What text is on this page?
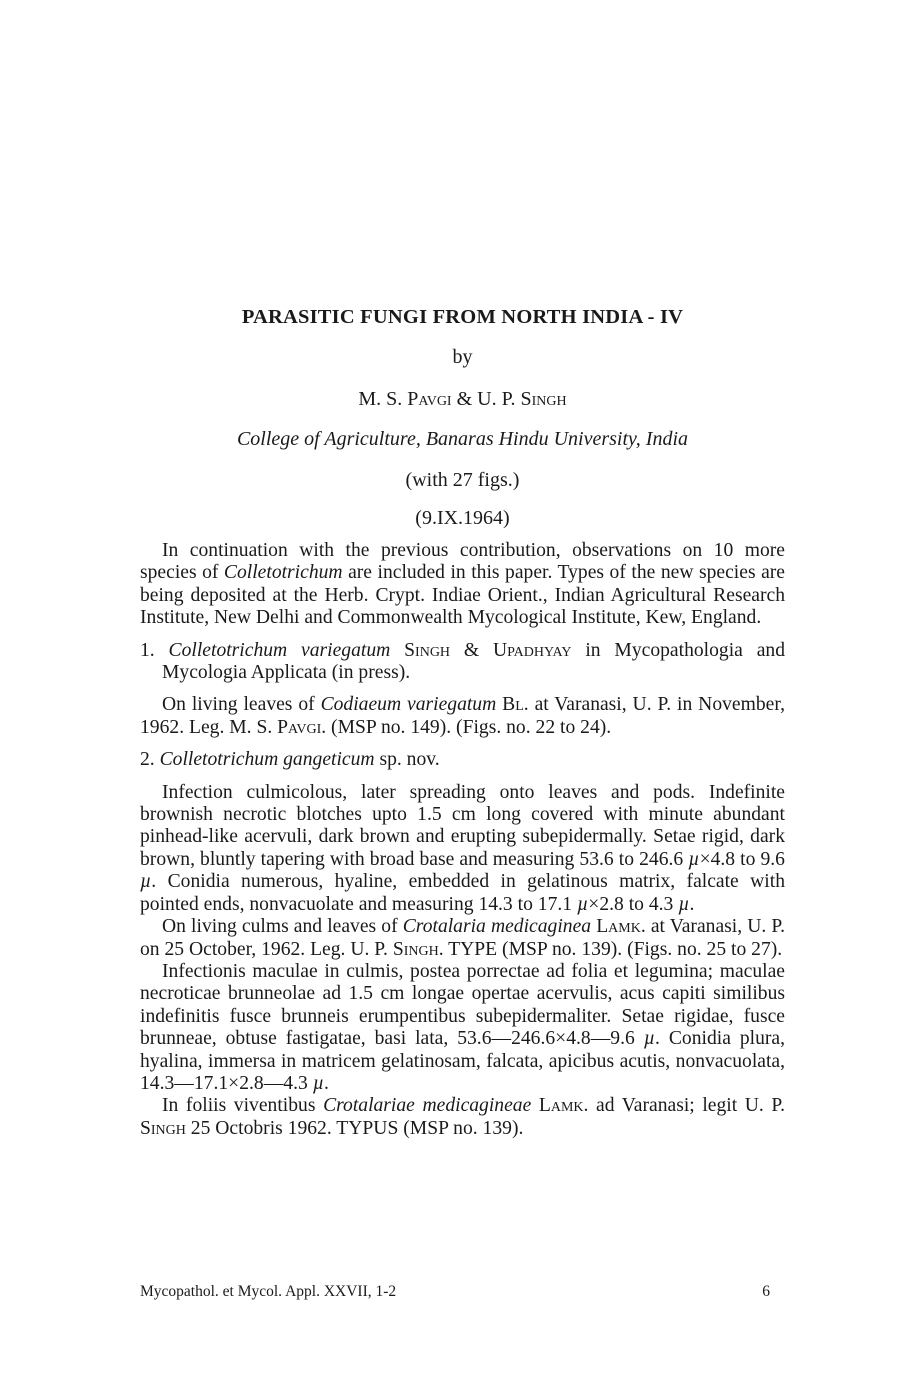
PARASITIC FUNGI FROM NORTH INDIA - IV
by
M. S. Pavgi & U. P. Singh
College of Agriculture, Banaras Hindu University, India
(with 27 figs.)
(9.IX.1964)

In continuation with the previous contribution, observations on 10 more species of Colletotrichum are included in this paper. Types of the new species are being deposited at the Herb. Crypt. Indiae Orient., Indian Agricultural Research Institute, New Delhi and Commonwealth Mycological Institute, Kew, England.

1. Colletotrichum variegatum Singh & Upadhyay in Mycopathologia and Mycologia Applicata (in press).

On living leaves of Codiaeum variegatum Bl. at Varanasi, U. P. in November, 1962. Leg. M. S. Pavgi. (MSP no. 149). (Figs. no. 22 to 24).

2. Colletotrichum gangeticum sp. nov.

Infection culmicolous, later spreading onto leaves and pods. Indefinite brownish necrotic blotches upto 1.5 cm long covered with minute abundant pinhead-like acervuli, dark brown and erupting subepidermally. Setae rigid, dark brown, bluntly tapering with broad base and measuring 53.6 to 246.6 µ×4.8 to 9.6 µ. Conidia numerous, hyaline, embedded in gelatinous matrix, falcate with pointed ends, nonvacuolate and measuring 14.3 to 17.1 µ×2.8 to 4.3 µ.

On living culms and leaves of Crotalaria medicaginea Lamk. at Varanasi, U. P. on 25 October, 1962. Leg. U. P. Singh. TYPE (MSP no. 139). (Figs. no. 25 to 27).

Infectionis maculae in culmis, postea porrectae ad folia et legumina; maculae necroticae brunneolae ad 1.5 cm longae opertae acervulis, acus capiti similibus indefinitis fusce brunneis erumpentibus subepidermaliter. Setae rigidae, fusce brunneae, obtuse fastigatae, basi lata, 53.6—246.6×4.8—9.6 µ. Conidia plura, hyalina, immersa in matricem gelatinosam, falcata, apicibus acutis, nonvacuolata, 14.3—17.1×2.8—4.3 µ.

In foliis viventibus Crotalariae medicagineae Lamk. ad Varanasi; legit U. P. Singh 25 Octobris 1962. TYPUS (MSP no. 139).

Mycopathol. et Mycol. Appl. XXVII, 1-2	6
